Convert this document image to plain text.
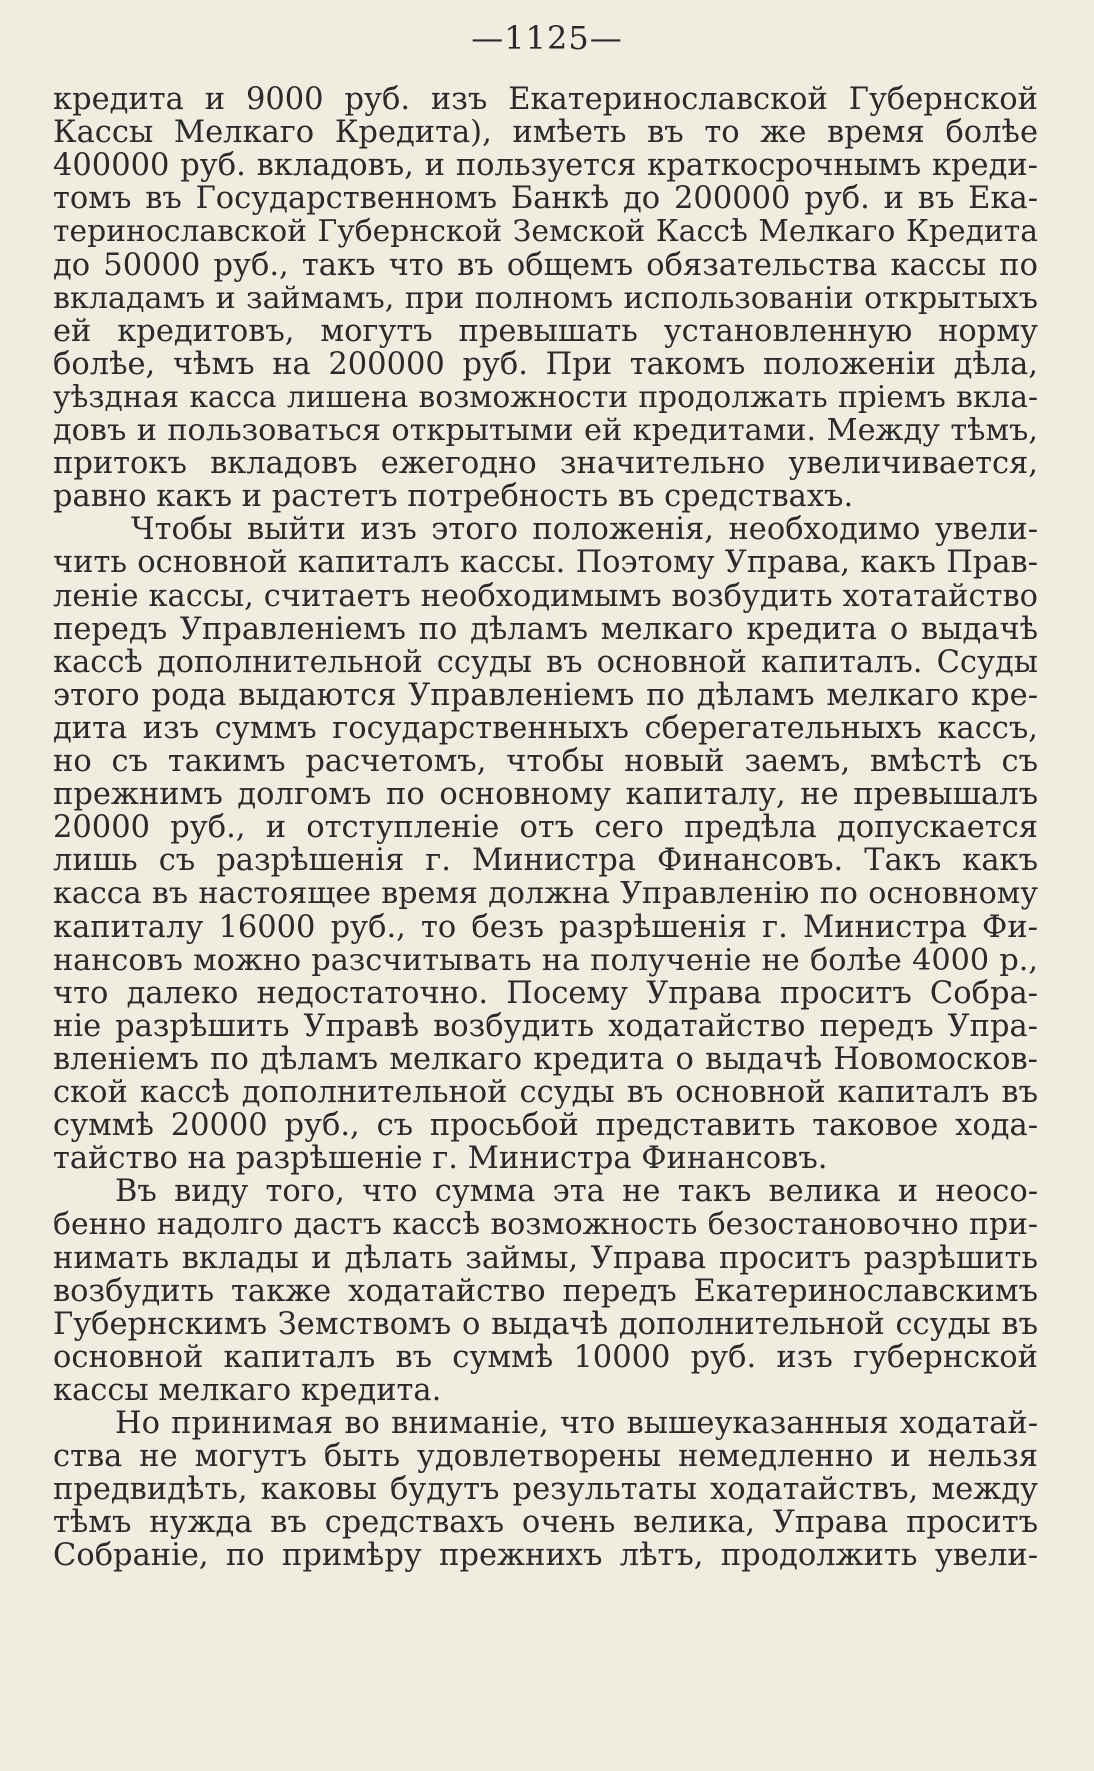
—1125—
кредита и 9000 руб. изъ Екатеринославской Губернской
Кассы Мелкаго Кредита), имѣеть въ то же время болѣе
400000 руб. вкладовъ, и пользуется краткосрочнымъ креди-
томъ въ Государственномъ Банкѣ до 200000 руб. и въ Ека-
теринославской Губернской Земской Кассѣ Мелкаго Кредита
до 50000 руб., такъ что въ общемъ обязательства кассы по
вкладамъ и займамъ, при полномъ использованіи открытыхъ
ей кредитовъ, могутъ превышать установленную норму
болѣе, чѣмъ на 200000 руб. При такомъ положеніи дѣла,
уѣздная касса лишена возможности продолжать пріемъ вкла-
довъ и пользоваться открытыми ей кредитами. Между тѣмъ,
притокъ вкладовъ ежегодно значительно увеличивается,
равно какъ и растетъ потребность въ средствахъ.
Чтобы выйти изъ этого положенія, необходимо увели-
чить основной капиталъ кассы. Поэтому Управа, какъ Прав-
леніе кассы, считаетъ необходимымъ возбудить хотатайство
передъ Управленіемъ по дѣламъ мелкаго кредита о выдачѣ
кассѣ дополнительной ссуды въ основной капиталъ. Ссуды
этого рода выдаются Управленіемъ по дѣламъ мелкаго кре-
дита изъ суммъ государственныхъ сберегательныхъ кассъ,
но съ такимъ расчетомъ, чтобы новый заемъ, вмѣстѣ съ
прежнимъ долгомъ по основному капиталу, не превышалъ
20000 руб., и отступленіе отъ сего предѣла допускается
лишь съ разрѣшенія г. Министра Финансовъ. Такъ какъ
касса въ настоящее время должна Управленію по основному
капиталу 16000 руб., то безъ разрѣшенія г. Министра Фи-
нансовъ можно разсчитывать на полученіе не болѣе 4000 р.,
что далеко недостаточно. Посему Управа проситъ Собра-
ніе разрѣшить Управѣ возбудить ходатайство передъ Упра-
вленіемъ по дѣламъ мелкаго кредита о выдачѣ Новомосков-
ской кассѣ дополнительной ссуды въ основной капиталъ въ
суммѣ 20000 руб., съ просьбой представить таковое хода-
тайство на разрѣшеніе г. Министра Финансовъ.
Въ виду того, что сумма эта не такъ велика и неосо-
бенно надолго дастъ кассѣ возможность безостановочно при-
нимать вклады и дѣлать займы, Управа проситъ разрѣшить
возбудить также ходатайство передъ Екатеринославскимъ
Губернскимъ Земствомъ о выдачѣ дополнительной ссуды въ
основной капиталъ въ суммѣ 10000 руб. изъ губернской
кассы мелкаго кредита.
Но принимая во вниманіе, что вышеуказанныя ходатай-
ства не могутъ быть удовлетворены немедленно и нельзя
предвидѣть, каковы будутъ результаты ходатайствъ, между
тѣмъ нужда въ средствахъ очень велика, Управа проситъ
Собраніе, по примѣру прежнихъ лѣтъ, продолжить увели-
